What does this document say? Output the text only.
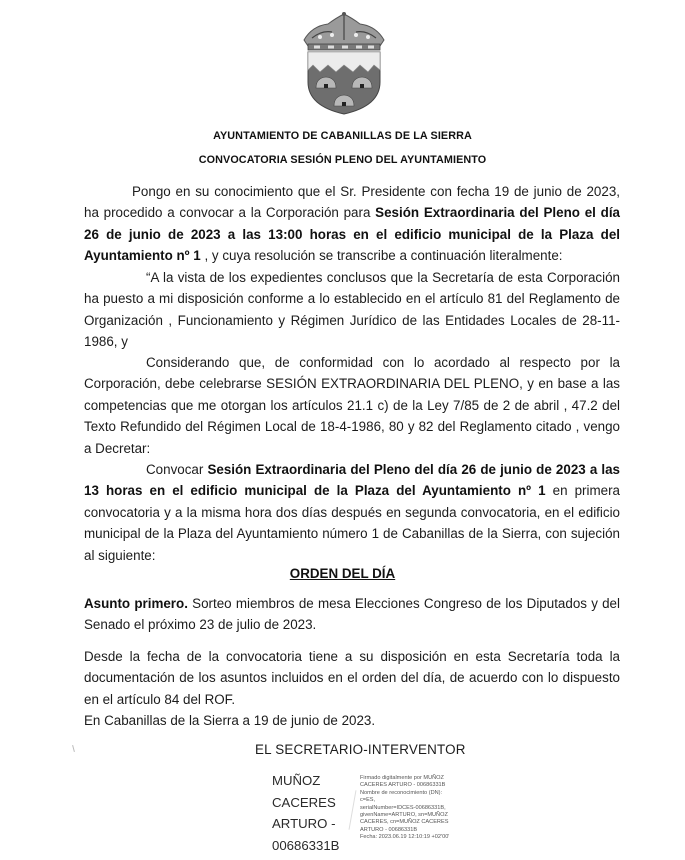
AYUNTAMIENTO DE CABANILLAS DE LA SIERRA
CONVOCATORIA SESIÓN PLENO DEL AYUNTAMIENTO
Pongo en su conocimiento que el Sr. Presidente con fecha 19 de junio de 2023, ha procedido a convocar a la Corporación para Sesión Extraordinaria del Pleno el día 26 de junio de 2023 a las 13:00 horas en el edificio municipal de la Plaza del Ayuntamiento nº 1 , y cuya resolución se transcribe a continuación literalmente:
“A la vista de los expedientes conclusos que la Secretaría de esta Corporación ha puesto a mi disposición conforme a lo establecido en el artículo 81 del Reglamento de Organización , Funcionamiento y Régimen Jurídico de las Entidades Locales de 28-11-1986, y
Considerando que, de conformidad con lo acordado al respecto por la Corporación, debe celebrarse SESIÓN EXTRAORDINARIA DEL PLENO, y en base a las competencias que me otorgan los artículos 21.1 c) de la Ley 7/85 de 2 de abril , 47.2 del Texto Refundido del Régimen Local de 18-4-1986, 80 y 82 del Reglamento citado , vengo a Decretar:
Convocar Sesión Extraordinaria del Pleno del día 26 de junio de 2023 a las 13 horas en el edificio municipal de la Plaza del Ayuntamiento nº 1 en primera convocatoria y a la misma hora dos días después en segunda convocatoria, en el edificio municipal de la Plaza del Ayuntamiento número 1 de Cabanillas de la Sierra, con sujeción al siguiente:
ORDEN DEL DÍA
Asunto primero. Sorteo miembros de mesa Elecciones Congreso de los Diputados y del Senado el próximo 23 de julio de 2023.
Desde la fecha de la convocatoria tiene a su disposición en esta Secretaría toda la documentación de los asuntos incluidos en el orden del día, de acuerdo con lo dispuesto en el artículo 84 del ROF.
En Cabanillas de la Sierra a 19 de junio de 2023.
EL SECRETARIO-INTERVENTOR
MUÑOZ
CACERES
ARTURO -
00686331B
Firmado digitalmente por MUÑOZ
CACERES ARTURO - 00686331B
Nombre de reconocimiento (DN):
c=ES,
serialNumber=IDCES-00686331B,
givenName=ARTURO, sn=MUÑOZ
CACERES, cn=MUÑOZ CACERES
ARTURO - 00686331B
Fecha: 2023.06.19 12:10:19 +02'00'
